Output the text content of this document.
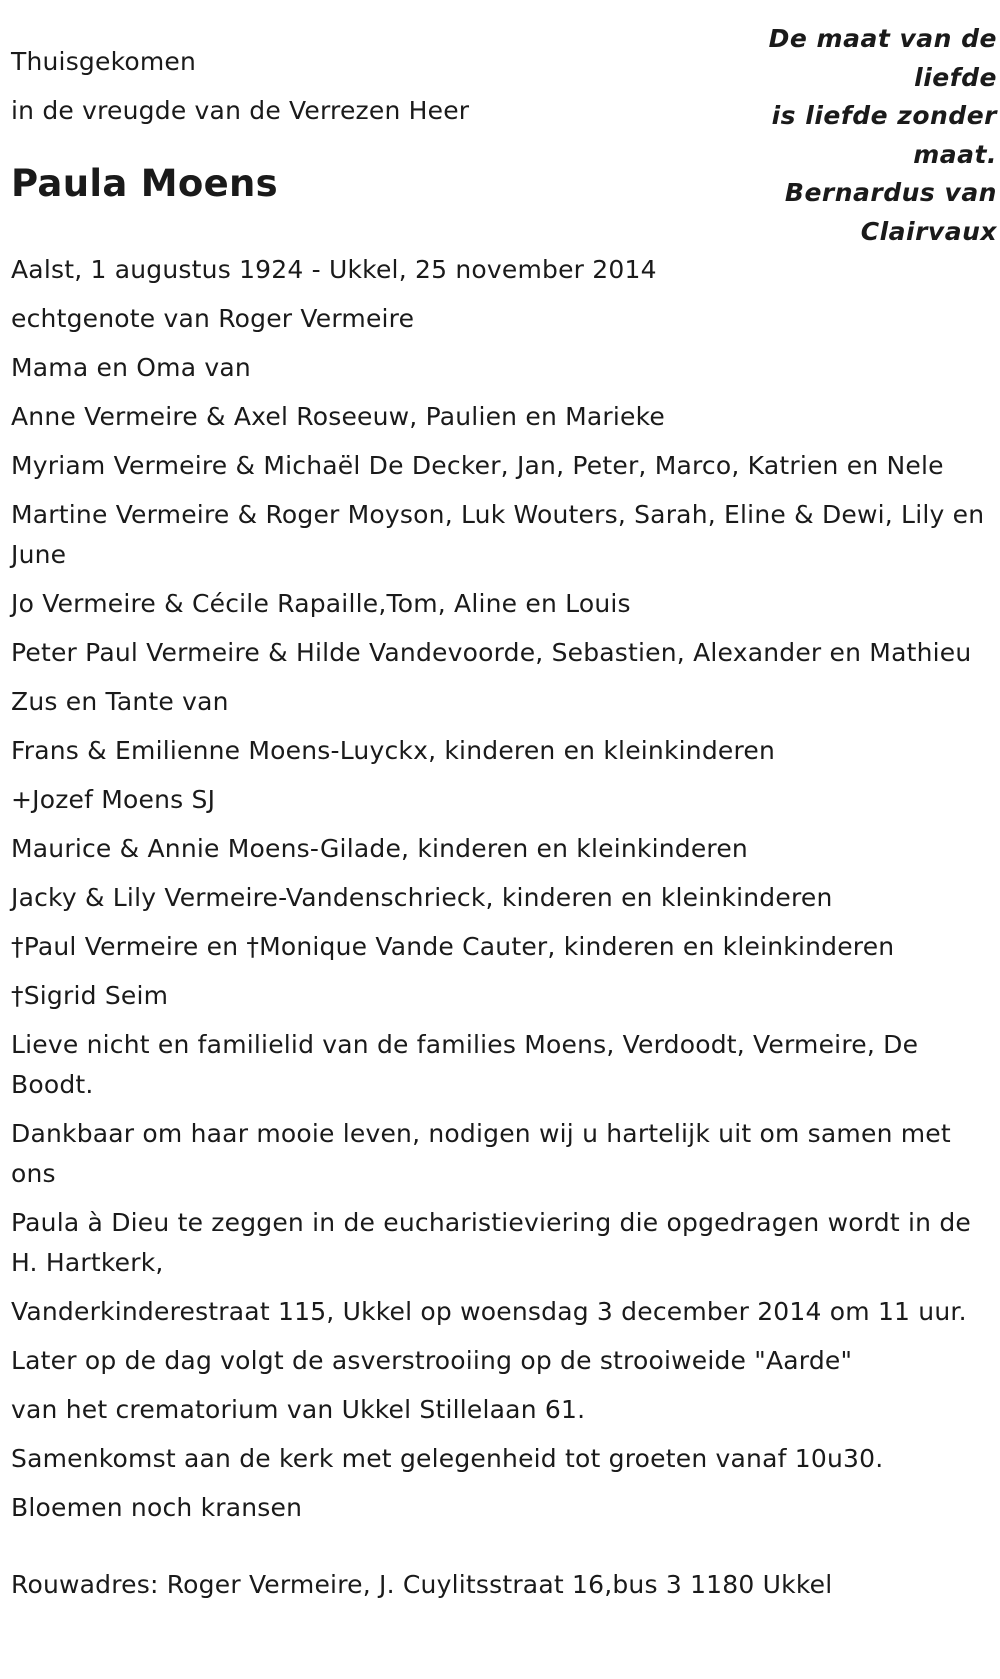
De maat van de
liefde
is liefde zonder
maat.
Bernardus van
Clairvaux
Thuisgekomen
in de vreugde van de Verrezen Heer
Paula Moens
Aalst, 1 augustus 1924 - Ukkel, 25 november 2014
echtgenote van Roger Vermeire
Mama en Oma van
Anne Vermeire & Axel Roseeuw, Paulien en Marieke
Myriam Vermeire & Michaël De Decker, Jan, Peter, Marco, Katrien en Nele
Martine Vermeire & Roger Moyson, Luk Wouters, Sarah, Eline & Dewi, Lily en June
Jo Vermeire & Cécile Rapaille,Tom, Aline en Louis
Peter Paul Vermeire & Hilde Vandevoorde, Sebastien, Alexander en Mathieu
Zus en Tante van
Frans & Emilienne Moens-Luyckx, kinderen en kleinkinderen
+Jozef Moens SJ
Maurice & Annie Moens-Gilade, kinderen en kleinkinderen
Jacky & Lily Vermeire-Vandenschrieck, kinderen en kleinkinderen
†Paul Vermeire en †Monique Vande Cauter, kinderen en kleinkinderen
†Sigrid Seim
Lieve nicht en familielid van de families Moens, Verdoodt, Vermeire, De Boodt.
Dankbaar om haar mooie leven, nodigen wij u hartelijk uit om samen met ons
Paula à Dieu te zeggen in de eucharistieviering die opgedragen wordt in de H. Hartkerk,
Vanderkinderestraat 115, Ukkel op woensdag 3 december 2014 om 11 uur.
Later op de dag volgt de asverstrooiing op de strooiweide "Aarde"
van het crematorium van Ukkel Stillelaan 61.
Samenkomst aan de kerk met gelegenheid tot groeten vanaf 10u30.
Bloemen noch kransen
Rouwadres: Roger Vermeire, J. Cuylitsstraat 16,bus 3 1180 Ukkel
